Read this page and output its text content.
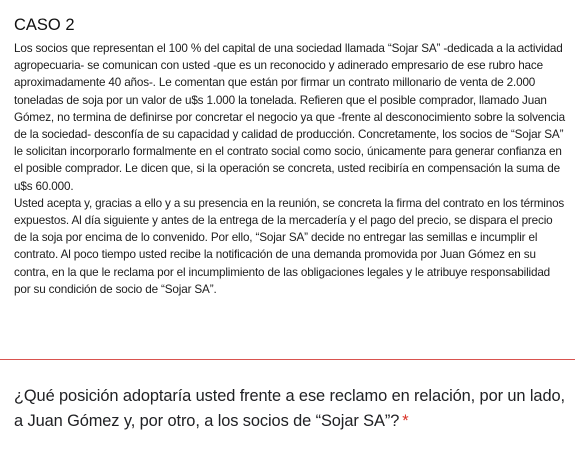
CASO 2

Los socios que representan el 100 % del capital de una sociedad llamada “Sojar SA” -dedicada a la actividad agropecuaria- se comunican con usted -que es un reconocido y adinerado empresario de ese rubro hace aproximadamente 40 años-. Le comentan que están por firmar un contrato millonario de venta de 2.000 toneladas de soja por un valor de u$s 1.000 la tonelada. Refieren que el posible comprador, llamado Juan Gómez, no termina de definirse por concretar el negocio ya que -frente al desconocimiento sobre la solvencia de la sociedad- desconfía de su capacidad y calidad de producción. Concretamente, los socios de “Sojar SA” le solicitan incorporarlo formalmente en el contrato social como socio, únicamente para generar confianza en el posible comprador. Le dicen que, si la operación se concreta, usted recibiría en compensación la suma de u$s 60.000.

Usted acepta y, gracias a ello y a su presencia en la reunión, se concreta la firma del contrato en los términos expuestos. Al día siguiente y antes de la entrega de la mercadería y el pago del precio, se dispara el precio de la soja por encima de lo convenido. Por ello, “Sojar SA” decide no entregar las semillas e incumplir el contrato. Al poco tiempo usted recibe la notificación de una demanda promovida por Juan Gómez en su contra, en la que le reclama por el incumplimiento de las obligaciones legales y le atribuye responsabilidad por su condición de socio de “Sojar SA”.

¿Qué posición adoptaría usted frente a ese reclamo en relación, por un lado, a Juan Gómez y, por otro, a los socios de “Sojar SA”? *
